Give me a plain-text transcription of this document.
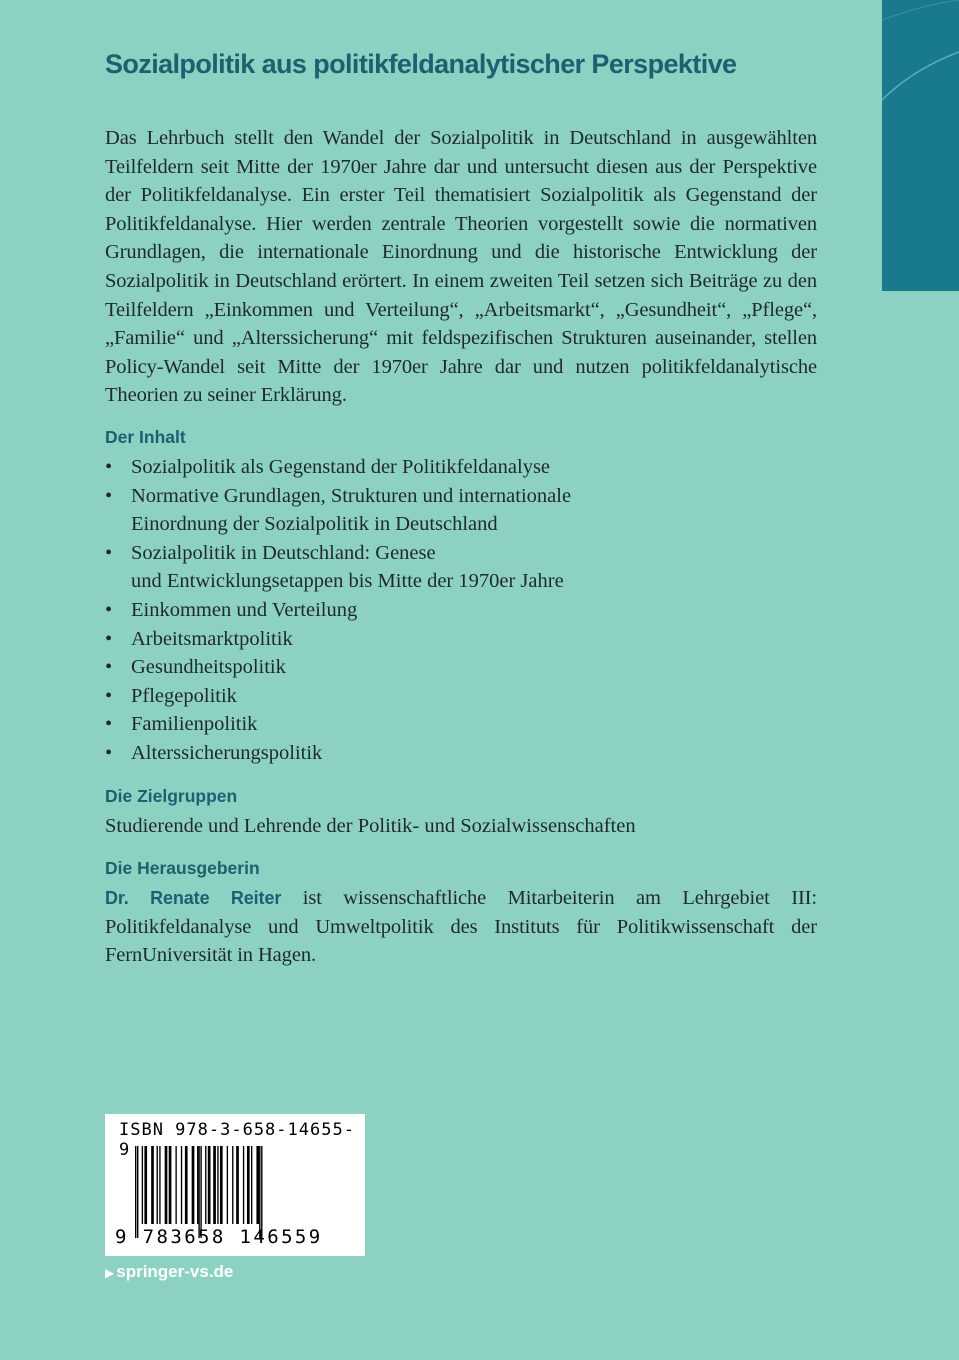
Sozialpolitik aus politikfeldanalytischer Perspektive

Das Lehrbuch stellt den Wandel der Sozialpolitik in Deutschland in ausgewählten Teilfeldern seit Mitte der 1970er Jahre dar und untersucht diesen aus der Perspektive der Politikfeldanalyse. Ein erster Teil thematisiert Sozialpolitik als Gegenstand der Politikfeldanalyse. Hier werden zentrale Theorien vorgestellt sowie die normativen Grundlagen, die internationale Einordnung und die historische Entwicklung der Sozialpolitik in Deutschland erörtert. In einem zweiten Teil setzen sich Beiträge zu den Teilfeldern „Einkommen und Verteilung“, „Arbeitsmarkt“, „Gesundheit“, „Pflege“, „Familie“ und „Alterssicherung“ mit feldspezifischen Strukturen auseinander, stellen Policy-Wandel seit Mitte der 1970er Jahre dar und nutzen politikfeldanalytische Theorien zu seiner Erklärung.

Der Inhalt
• Sozialpolitik als Gegenstand der Politikfeldanalyse
• Normative Grundlagen, Strukturen und internationale
Einordnung der Sozialpolitik in Deutschland
• Sozialpolitik in Deutschland: Genese
und Entwicklungsetappen bis Mitte der 1970er Jahre
• Einkommen und Verteilung
• Arbeitsmarktpolitik
• Gesundheitspolitik
• Pflegepolitik
• Familienpolitik
• Alterssicherungspolitik
Die Zielgruppen

Studierende und Lehrende der Politik- und Sozialwissenschaften

Die Herausgeberin

Dr. Renate Reiter ist wissenschaftliche Mitarbeiterin am Lehrgebiet III: Politikfeldanalyse und Umweltpolitik des Instituts für Politikwissenschaft der FernUniversität in Hagen.

ISBN 978-3-658-14655-9
9 783658 146559
▶ springer-vs.de
